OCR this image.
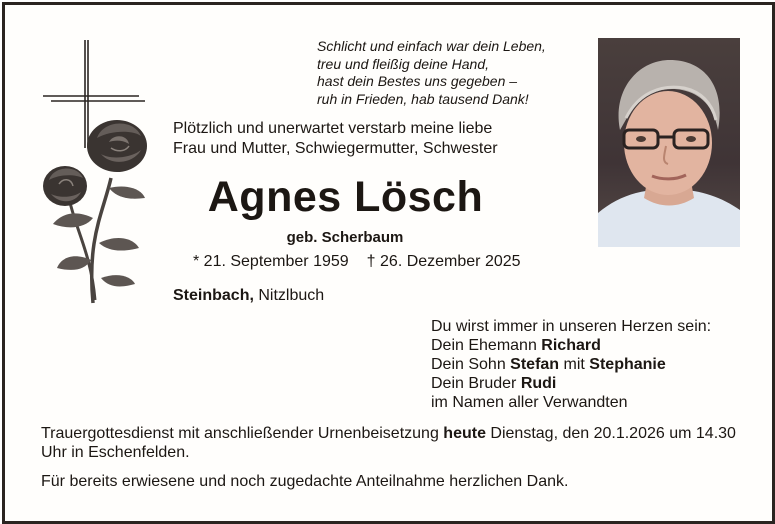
Schlicht und einfach war dein Leben,
treu und fleißig deine Hand,
hast dein Bestes uns gegeben –
ruh in Frieden, hab tausend Dank!
Plötzlich und unerwartet verstarb meine liebe
Frau und Mutter, Schwiegermutter, Schwester
Agnes Lösch
geb. Scherbaum
* 21. September 1959 † 26. Dezember 2025
Steinbach, Nitzlbuch
Du wirst immer in unseren Herzen sein:
Dein Ehemann Richard
Dein Sohn Stefan mit Stephanie
Dein Bruder Rudi
im Namen aller Verwandten
Trauergottesdienst mit anschließender Urnenbeisetzung heute Dienstag, den 20.1.2026 um 14.30 Uhr in Eschenfelden.
Für bereits erwiesene und noch zugedachte Anteilnahme herzlichen Dank.
